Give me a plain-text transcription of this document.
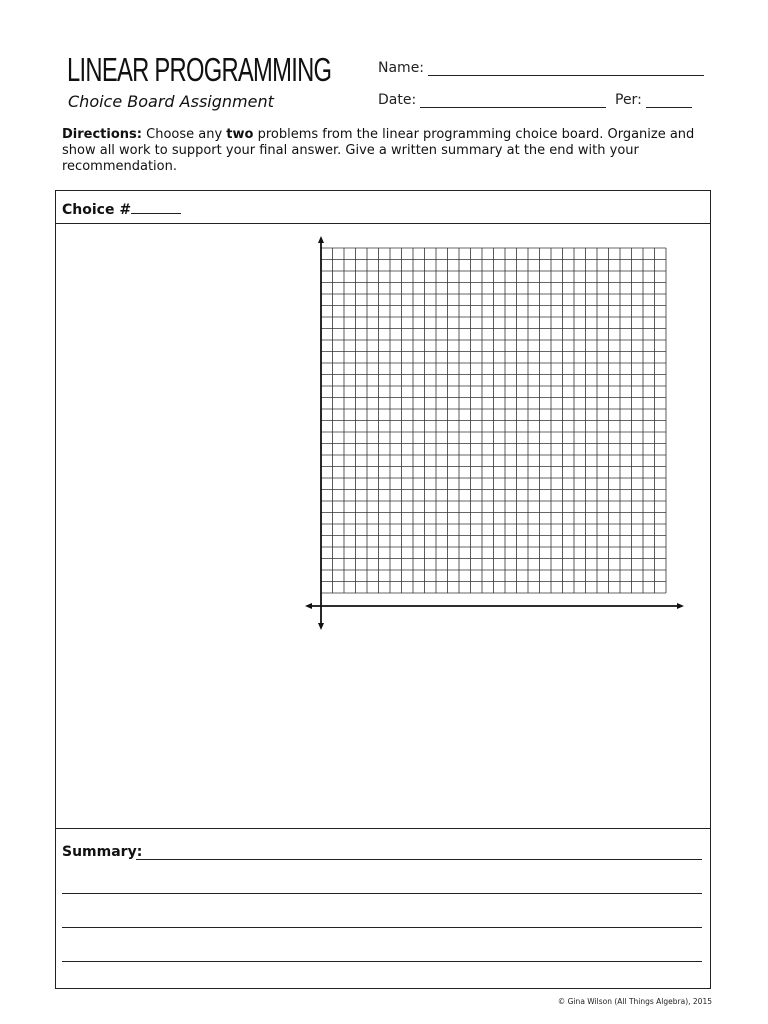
LINEAR PROGRAMMING
Choice Board Assignment
Name:
Date:	Per:
Directions: Choose any two problems from the linear programming choice board. Organize and show all work to support your final answer. Give a written summary at the end with your recommendation.
Choice #
Summary:
© Gina Wilson (All Things Algebra), 2015
